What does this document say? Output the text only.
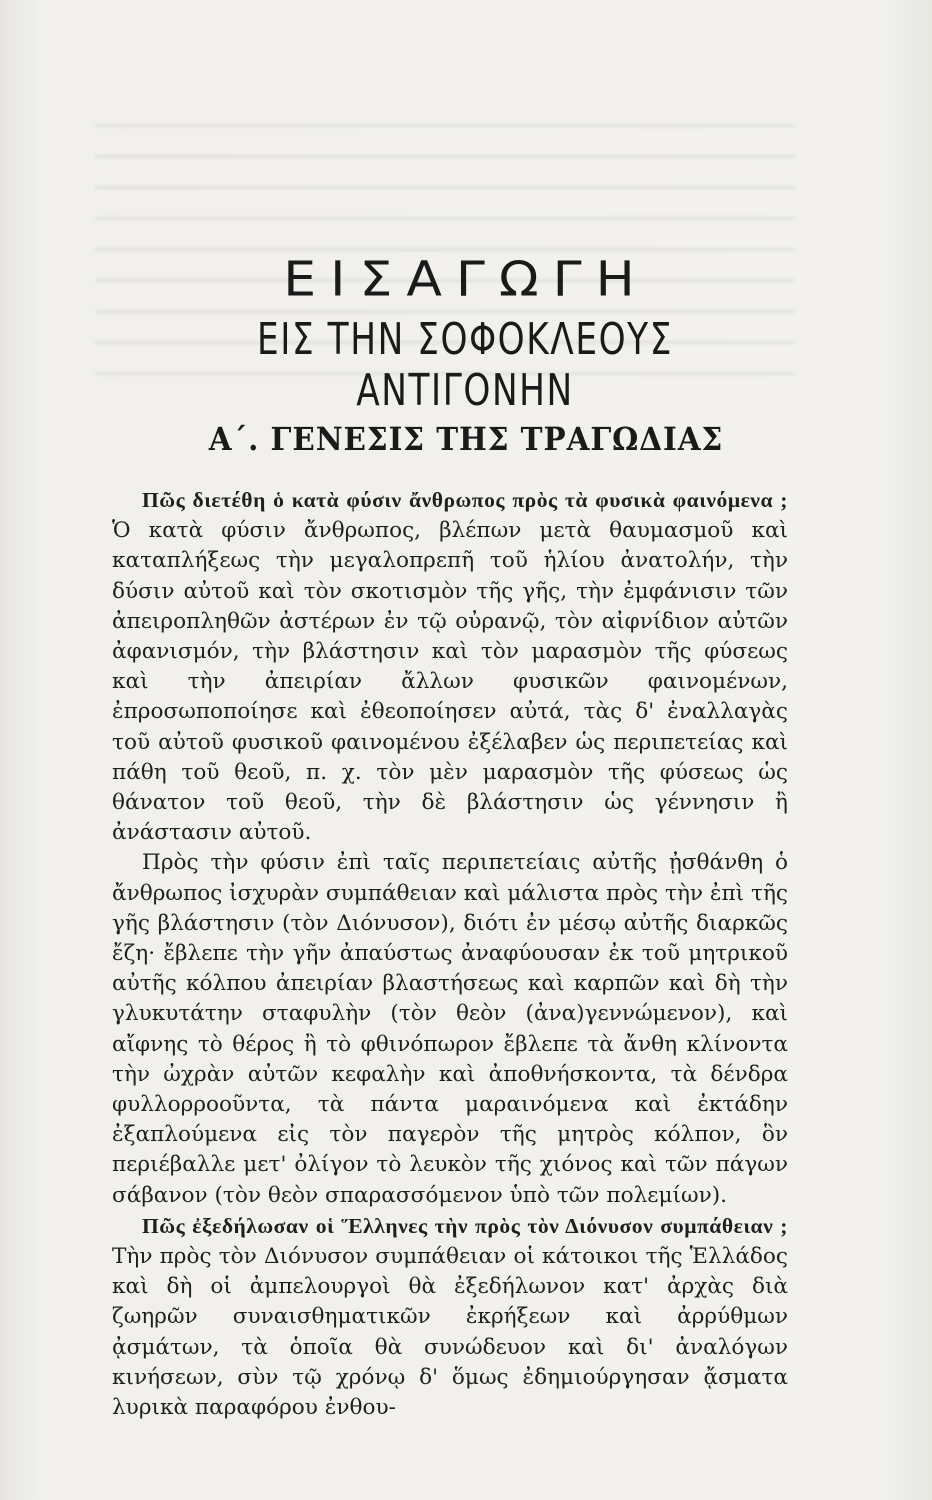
ΕΙΣΑΓΩΓΗ
ΕΙΣ ΤΗΝ ΣΟΦΟΚΛΕΟΥΣ ΑΝΤΙΓΟΝΗΝ
Α΄. ΓΕΝΕΣΙΣ ΤΗΣ ΤΡΑΓΩΔΙΑΣ

Πῶς διετέθη ὁ κατὰ φύσιν ἄνθρωπος πρὸς τὰ φυσικὰ φαινόμενα ; Ὁ κατὰ φύσιν ἄνθρωπος, βλέπων μετὰ θαυμασμοῦ καὶ καταπλήξεως τὴν μεγαλοπρεπῆ τοῦ ἡλίου ἀνατολήν, τὴν δύσιν αὐτοῦ καὶ τὸν σκοτισμὸν τῆς γῆς, τὴν ἐμφάνισιν τῶν ἀπειροπληθῶν ἀστέρων ἐν τῷ οὐρανῷ, τὸν αἰφνίδιον αὐτῶν ἀφανισμόν, τὴν βλάστησιν καὶ τὸν μαρασμὸν τῆς φύσεως καὶ τὴν ἀπειρίαν ἄλλων φυσικῶν φαινομένων, ἐπροσωποποίησε καὶ ἐθεοποίησεν αὐτά, τὰς δ' ἐναλλαγὰς τοῦ αὐτοῦ φυσικοῦ φαινομένου ἐξέλαβεν ὡς περιπετείας καὶ πάθη τοῦ θεοῦ, π. χ. τὸν μὲν μαρασμὸν τῆς φύσεως ὡς θάνατον τοῦ θεοῦ, τὴν δὲ βλάστησιν ὡς γέννησιν ἢ ἀνάστασιν αὐτοῦ.

Πρὸς τὴν φύσιν ἐπὶ ταῖς περιπετείαις αὐτῆς ᾐσθάνθη ὁ ἄνθρωπος ἰσχυρὰν συμπάθειαν καὶ μάλιστα πρὸς τὴν ἐπὶ τῆς γῆς βλάστησιν (τὸν Διόνυσον), διότι ἐν μέσῳ αὐτῆς διαρκῶς ἔζη· ἔβλεπε τὴν γῆν ἀπαύστως ἀναφύουσαν ἐκ τοῦ μητρικοῦ αὐτῆς κόλπου ἀπειρίαν βλαστήσεως καὶ καρπῶν καὶ δὴ τὴν γλυκυτάτην σταφυλὴν (τὸν θεὸν (ἀνα)γεννώμενον), καὶ αἴφνης τὸ θέρος ἢ τὸ φθινόπωρον ἔβλεπε τὰ ἄνθη κλίνοντα τὴν ὠχρὰν αὐτῶν κεφαλὴν καὶ ἀποθνήσκοντα, τὰ δένδρα φυλλορροοῦντα, τὰ πάντα μαραινόμενα καὶ ἐκτάδην ἐξαπλούμενα εἰς τὸν παγερὸν τῆς μητρὸς κόλπον, ὃν περιέβαλλε μετ' ὀλίγον τὸ λευκὸν τῆς χιόνος καὶ τῶν πάγων σάβανον (τὸν θεὸν σπαρασσόμενον ὑπὸ τῶν πολεμίων).

Πῶς ἐξεδήλωσαν οἱ Ἕλληνες τὴν πρὸς τὸν Διόνυσον συμπάθειαν ; Τὴν πρὸς τὸν Διόνυσον συμπάθειαν οἱ κάτοικοι τῆς Ἑλλάδος καὶ δὴ οἱ ἀμπελουργοὶ θὰ ἐξεδήλωνον κατ' ἀρχὰς διὰ ζωηρῶν συναισθηματικῶν ἐκρήξεων καὶ ἀρρύθμων ᾀσμάτων, τὰ ὁποῖα θὰ συνώδευον καὶ δι' ἀναλόγων κινήσεων, σὺν τῷ χρόνῳ δ' ὅμως ἐδημιούργησαν ᾄσματα λυρικὰ παραφόρου ἐνθου-
